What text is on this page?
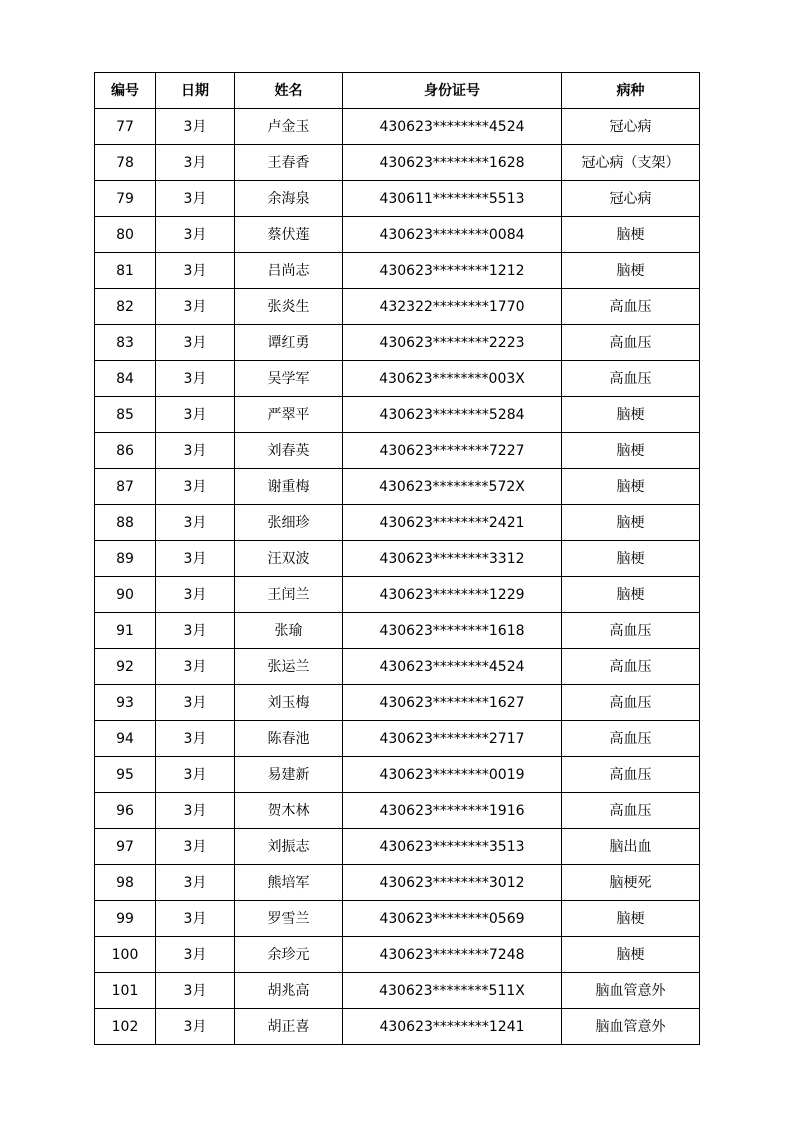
编号	日期	姓名	身份证号	病种
77	3月	卢金玉	430623********4524	冠心病
78	3月	王春香	430623********1628	冠心病（支架）
79	3月	余海泉	430611********5513	冠心病
80	3月	蔡伏莲	430623********0084	脑梗
81	3月	吕尚志	430623********1212	脑梗
82	3月	张炎生	432322********1770	高血压
83	3月	谭红勇	430623********2223	高血压
84	3月	吴学军	430623********003X	高血压
85	3月	严翠平	430623********5284	脑梗
86	3月	刘春英	430623********7227	脑梗
87	3月	谢重梅	430623********572X	脑梗
88	3月	张细珍	430623********2421	脑梗
89	3月	汪双波	430623********3312	脑梗
90	3月	王闰兰	430623********1229	脑梗
91	3月	张瑜	430623********1618	高血压
92	3月	张运兰	430623********4524	高血压
93	3月	刘玉梅	430623********1627	高血压
94	3月	陈春池	430623********2717	高血压
95	3月	易建新	430623********0019	高血压
96	3月	贺木林	430623********1916	高血压
97	3月	刘振志	430623********3513	脑出血
98	3月	熊培军	430623********3012	脑梗死
99	3月	罗雪兰	430623********0569	脑梗
100	3月	余珍元	430623********7248	脑梗
101	3月	胡兆高	430623********511X	脑血管意外
102	3月	胡正喜	430623********1241	脑血管意外
